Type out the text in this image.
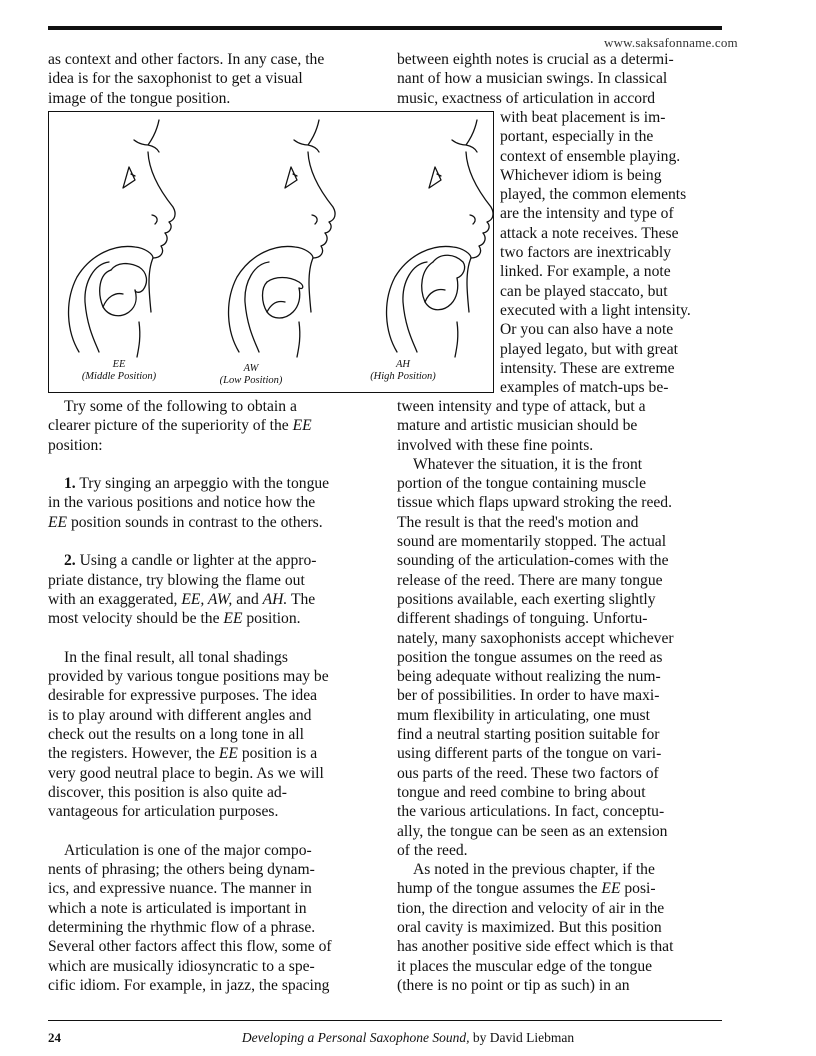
www.saksafonname.com

as context and other factors. In any case, the

idea is for the saxophonist to get a visual

image of the tongue position.

EE
(Middle Position)
AW
(Low Position)
AH
(High Position)

Try some of the following to obtain a

clearer picture of the superiority of the EE

position:

1. Try singing an arpeggio with the tongue

in the various positions and notice how the

EE position sounds in contrast to the others.

2. Using a candle or lighter at the appro-

priate distance, try blowing the flame out

with an exaggerated, EE, AW, and AH. The

most velocity should be the EE position.

In the final result, all tonal shadings

provided by various tongue positions may be

desirable for expressive purposes. The idea

is to play around with different angles and

check out the results on a long tone in all

the registers. However, the EE position is a

very good neutral place to begin. As we will

discover, this position is also quite ad-

vantageous for articulation purposes.

Articulation is one of the major compo-

nents of phrasing; the others being dynam-

ics, and expressive nuance. The manner in

which a note is articulated is important in

determining the rhythmic flow of a phrase.

Several other factors affect this flow, some of

which are musically idiosyncratic to a spe-

cific idiom. For example, in jazz, the spacing

between eighth notes is crucial as a determi-

nant of how a musician swings. In classical

music, exactness of articulation in accord

with beat placement is im-

portant, especially in the

context of ensemble playing.

Whichever idiom is being

played, the common elements

are the intensity and type of

attack a note receives. These

two factors are inextricably

linked. For example, a note

can be played staccato, but

executed with a light intensity.

Or you can also have a note

played legato, but with great

intensity. These are extreme

examples of match-ups be-

tween intensity and type of attack, but a

mature and artistic musician should be

involved with these fine points.

Whatever the situation, it is the front

portion of the tongue containing muscle

tissue which flaps upward stroking the reed.

The result is that the reed's motion and

sound are momentarily stopped. The actual

sounding of the articulation-comes with the

release of the reed. There are many tongue

positions available, each exerting slightly

different shadings of tonguing. Unfortu-

nately, many saxophonists accept whichever

position the tongue assumes on the reed as

being adequate without realizing the num-

ber of possibilities. In order to have maxi-

mum flexibility in articulating, one must

find a neutral starting position suitable for

using different parts of the tongue on vari-

ous parts of the reed. These two factors of

tongue and reed combine to bring about

the various articulations. In fact, conceptu-

ally, the tongue can be seen as an extension

of the reed.

As noted in the previous chapter, if the

hump of the tongue assumes the EE posi-

tion, the direction and velocity of air in the

oral cavity is maximized. But this position

has another positive side effect which is that

it places the muscular edge of the tongue

(there is no point or tip as such) in an

24	Developing a Personal Saxophone Sound, by David Liebman
